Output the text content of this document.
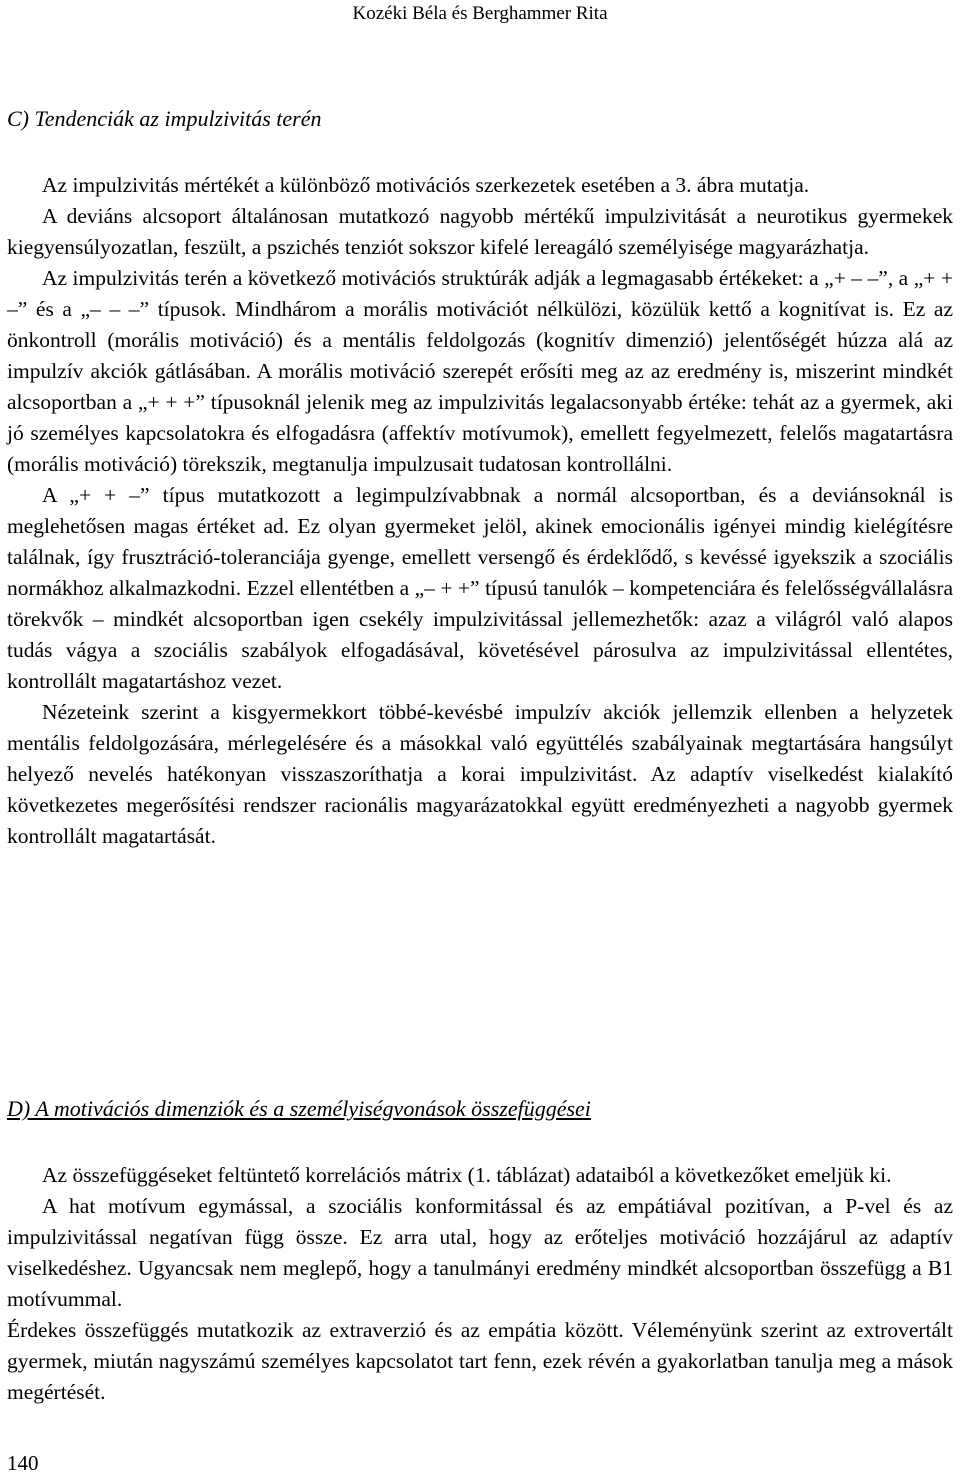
Kozéki Béla és Berghammer Rita
C) Tendenciák az impulzivitás terén

Az impulzivitás mértékét a különböző motivációs szerkezetek esetében a 3. ábra mutatja.

A deviáns alcsoport általánosan mutatkozó nagyobb mértékű impulzivitását a neurotikus gyermekek kiegyensúlyozatlan, feszült, a pszichés tenziót sokszor kifelé lereagáló személyisége magyarázhatja.

Az impulzivitás terén a következő motivációs struktúrák adják a legmagasabb értékeket: a „+ – –”, a „+ + –” és a „– – –” típusok. Mindhárom a morális motivációt nélkülözi, közülük kettő a kognitívat is. Ez az önkontroll (morális motiváció) és a mentális feldolgozás (kognitív dimenzió) jelentőségét húzza alá az impulzív akciók gátlásában. A morális motiváció szerepét erősíti meg az az eredmény is, miszerint mindkét alcsoportban a „+ + +” típusoknál jelenik meg az impulzivitás legalacsonyabb értéke: tehát az a gyermek, aki jó személyes kapcsolatokra és elfogadásra (affektív motívumok), emellett fegyelmezett, felelős magatartásra (morális motiváció) törekszik, megtanulja impulzusait tudatosan kontrollálni.

A „+ + –” típus mutatkozott a legimpulzívabbnak a normál alcsoportban, és a deviánsoknál is meglehetősen magas értéket ad. Ez olyan gyermeket jelöl, akinek emocionális igényei mindig kielégítésre találnak, így frusztráció-toleranciája gyenge, emellett versengő és érdeklődő, s kevéssé igyekszik a szociális normákhoz alkalmazkodni. Ezzel ellentétben a „– + +” típusú tanulók – kompetenciára és felelősségvállalásra törekvők – mindkét alcsoportban igen csekély impulzivitással jellemezhetők: azaz a világról való alapos tudás vágya a szociális szabályok elfogadásával, követésével párosulva az impulzivitással ellentétes, kontrollált magatartáshoz vezet.

Nézeteink szerint a kisgyermekkort többé-kevésbé impulzív akciók jellemzik ellenben a helyzetek mentális feldolgozására, mérlegelésére és a másokkal való együttélés szabályainak megtartására hangsúlyt helyező nevelés hatékonyan visszaszoríthatja a korai impulzivitást. Az adaptív viselkedést kialakító következetes megerősítési rendszer racionális magyarázatokkal együtt eredményezheti a nagyobb gyermek kontrollált magatartását.

D) A motivációs dimenziók és a személyiségvonások összefüggései

Az összefüggéseket feltüntető korrelációs mátrix (1. táblázat) adataiból a következőket emeljük ki.

A hat motívum egymással, a szociális konformitással és az empátiával pozitívan, a P-vel és az impulzivitással negatívan függ össze. Ez arra utal, hogy az erőteljes motiváció hozzájárul az adaptív viselkedéshez. Ugyancsak nem meglepő, hogy a tanulmányi eredmény mindkét alcsoportban összefügg a B1 motívummal.

Érdekes összefüggés mutatkozik az extraverzió és az empátia között. Véleményünk szerint az extrovertált gyermek, miután nagyszámú személyes kapcsolatot tart fenn, ezek révén a gyakorlatban tanulja meg a mások megértését.

140
